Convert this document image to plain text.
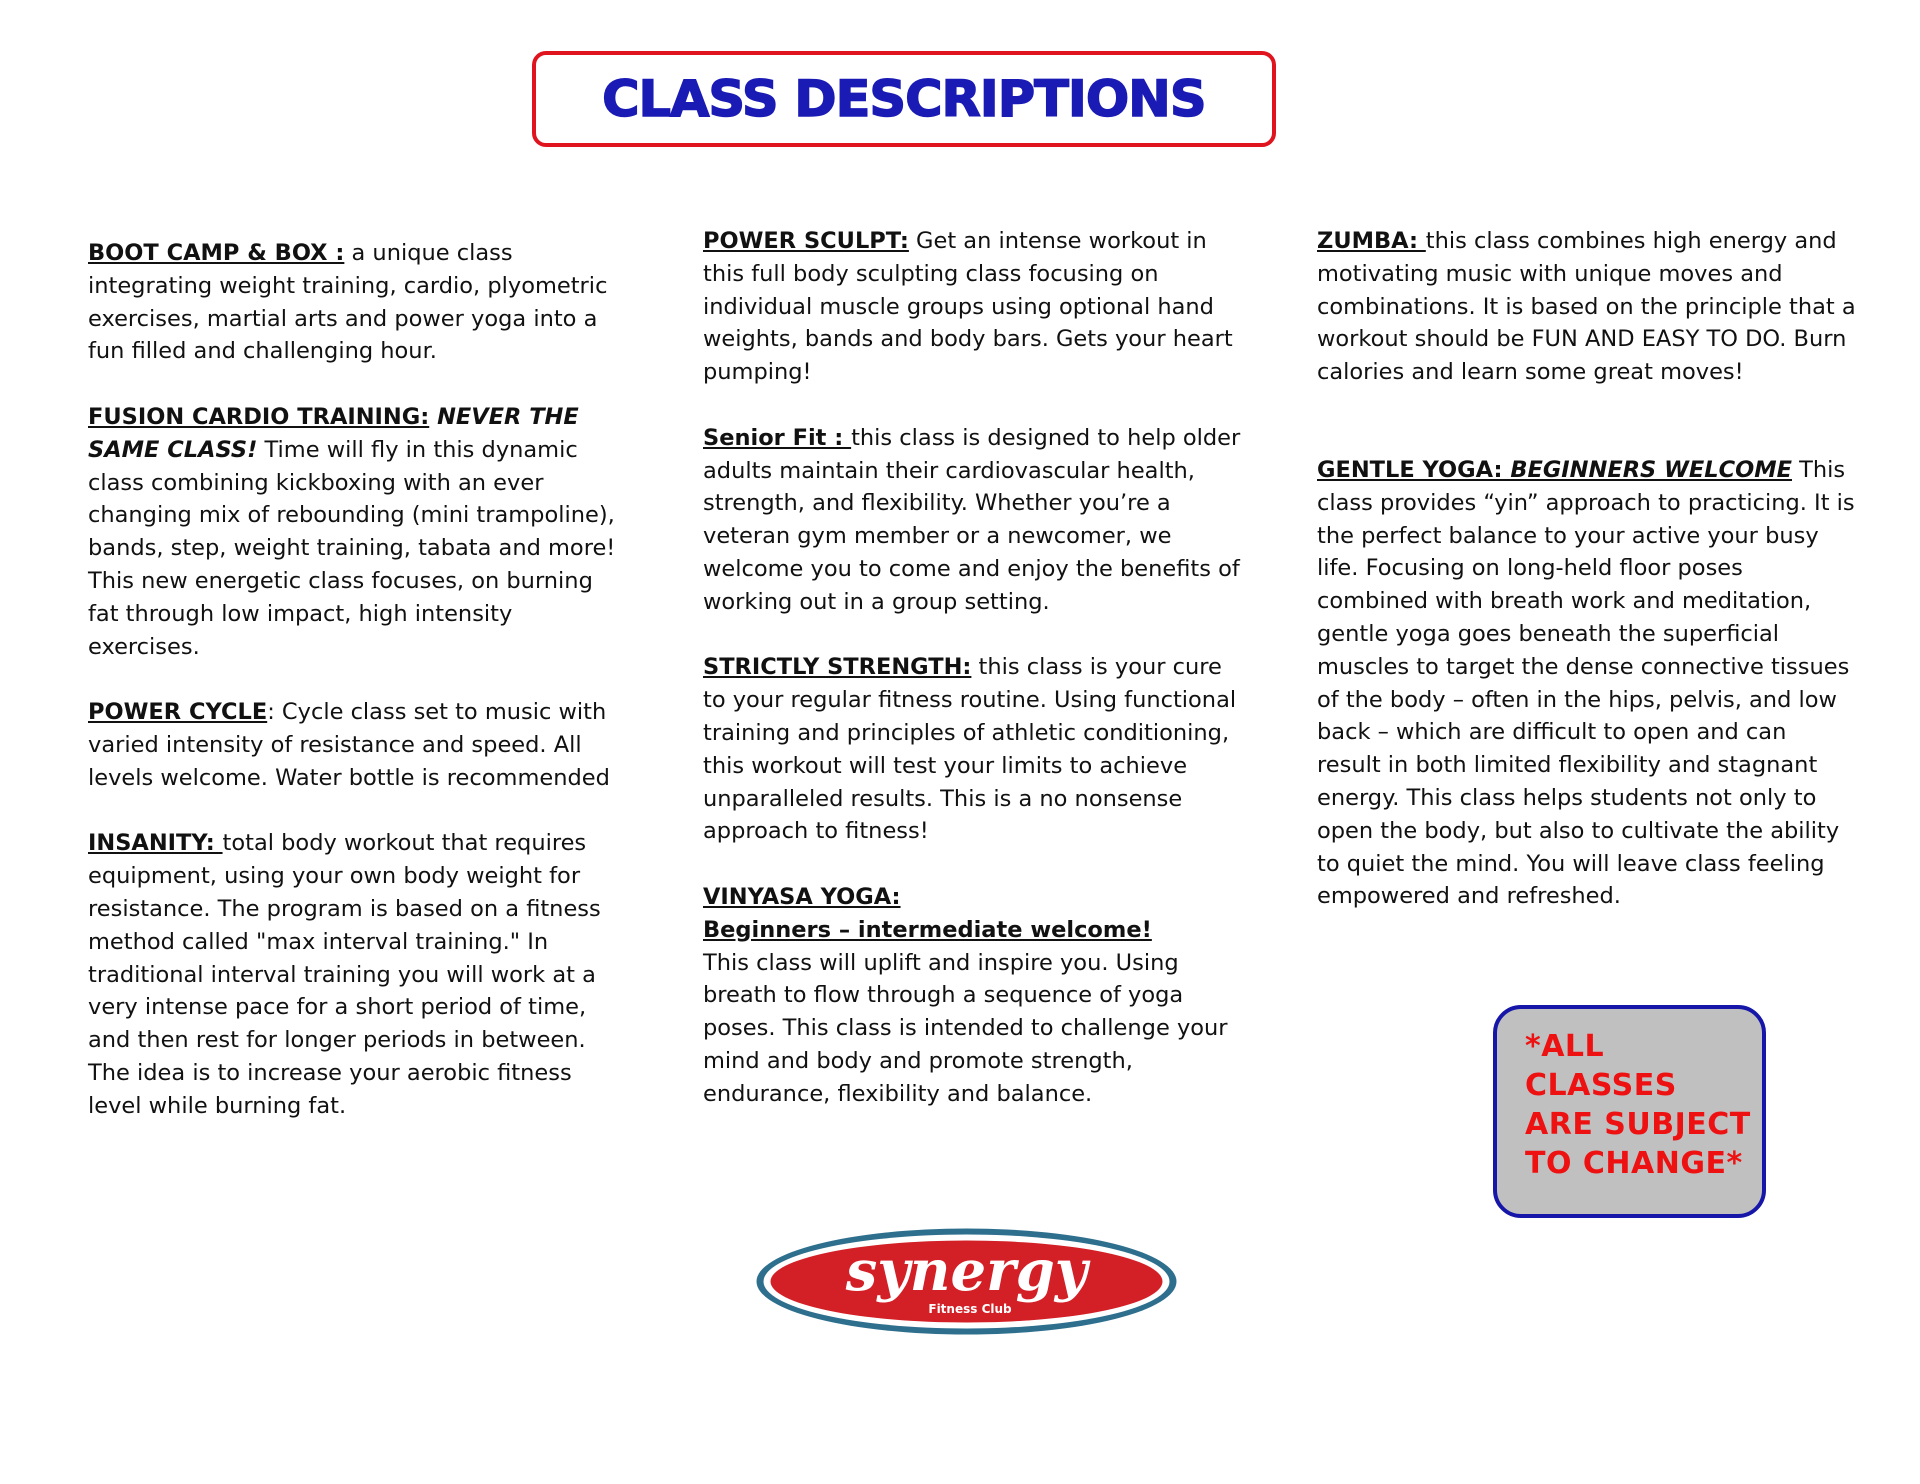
CLASS DESCRIPTIONS
BOOT CAMP & BOX : a unique class integrating weight training, cardio, plyometric exercises, martial arts and power yoga into a fun filled and challenging hour.
FUSION CARDIO TRAINING: NEVER THE SAME CLASS! Time will fly in this dynamic class combining kickboxing with an ever changing mix of rebounding (mini trampoline), bands, step, weight training, tabata and more! This new energetic class focuses, on burning fat through low impact, high intensity exercises.
POWER CYCLE: Cycle class set to music with varied intensity of resistance and speed. All levels welcome. Water bottle is recommended
INSANITY: total body workout that requires equipment, using your own body weight for resistance. The program is based on a fitness method called "max interval training." In traditional interval training you will work at a very intense pace for a short period of time, and then rest for longer periods in between. The idea is to increase your aerobic fitness level while burning fat.
POWER SCULPT: Get an intense workout in this full body sculpting class focusing on individual muscle groups using optional hand weights, bands and body bars. Gets your heart pumping!
Senior Fit : this class is designed to help older adults maintain their cardiovascular health, strength, and flexibility. Whether you’re a veteran gym member or a newcomer, we welcome you to come and enjoy the benefits of working out in a group setting.
STRICTLY STRENGTH: this class is your cure to your regular fitness routine. Using functional training and principles of athletic conditioning, this workout will test your limits to achieve unparalleled results. This is a no nonsense approach to fitness!
VINYASA YOGA:
Beginners – intermediate welcome!
This class will uplift and inspire you. Using breath to flow through a sequence of yoga poses. This class is intended to challenge your mind and body and promote strength, endurance, flexibility and balance.
ZUMBA: this class combines high energy and motivating music with unique moves and combinations. It is based on the principle that a workout should be FUN AND EASY TO DO. Burn calories and learn some great moves!
GENTLE YOGA: BEGINNERS WELCOME This class provides “yin” approach to practicing. It is the perfect balance to your active your busy life. Focusing on long-held floor poses combined with breath work and meditation, gentle yoga goes beneath the superficial muscles to target the dense connective tissues of the body – often in the hips, pelvis, and low back – which are difficult to open and can result in both limited flexibility and stagnant energy. This class helps students not only to open the body, but also to cultivate the ability to quiet the mind. You will leave class feeling empowered and refreshed.
*ALL
CLASSES
ARE SUBJECT
TO CHANGE*
synergy
Fitness Club
